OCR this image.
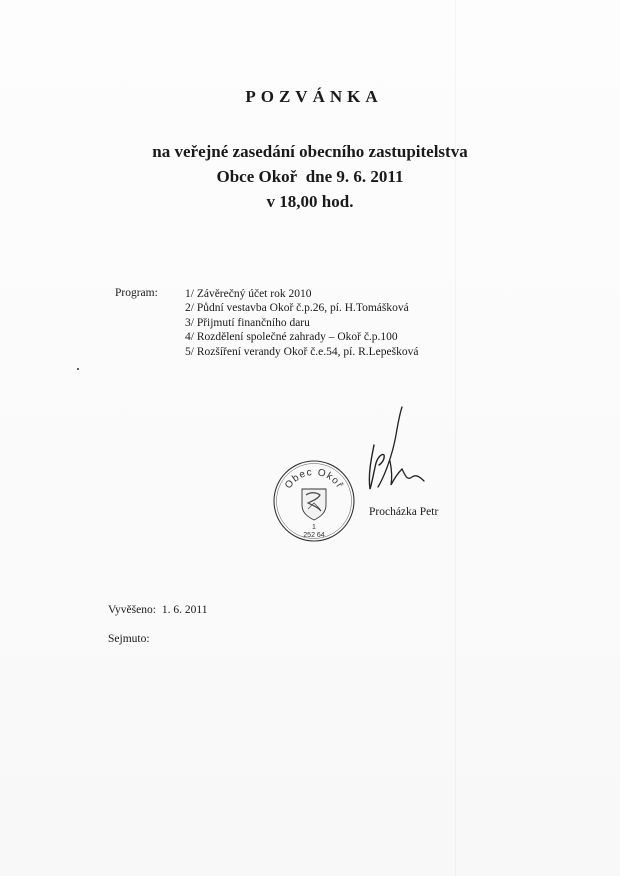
POZVÁNKA
na veřejné zasedání obecního zastupitelstva
Obce Okoř  dne 9. 6. 2011
v 18,00 hod.
Program: 1/ Závěrečný účet rok 2010
2/ Půdní vestavba Okoř č.p.26, pí. H.Tomášková
3/ Přijmutí finančního daru
4/ Rozdělení společné zahrady – Okoř č.p.100
5/ Rozšíření verandy Okoř č.e.54, pí. R.Lepešková
Obec Okoř
1
252 64
Procházka Petr
Vyvěšeno: 1. 6. 2011
Sejmuto:
